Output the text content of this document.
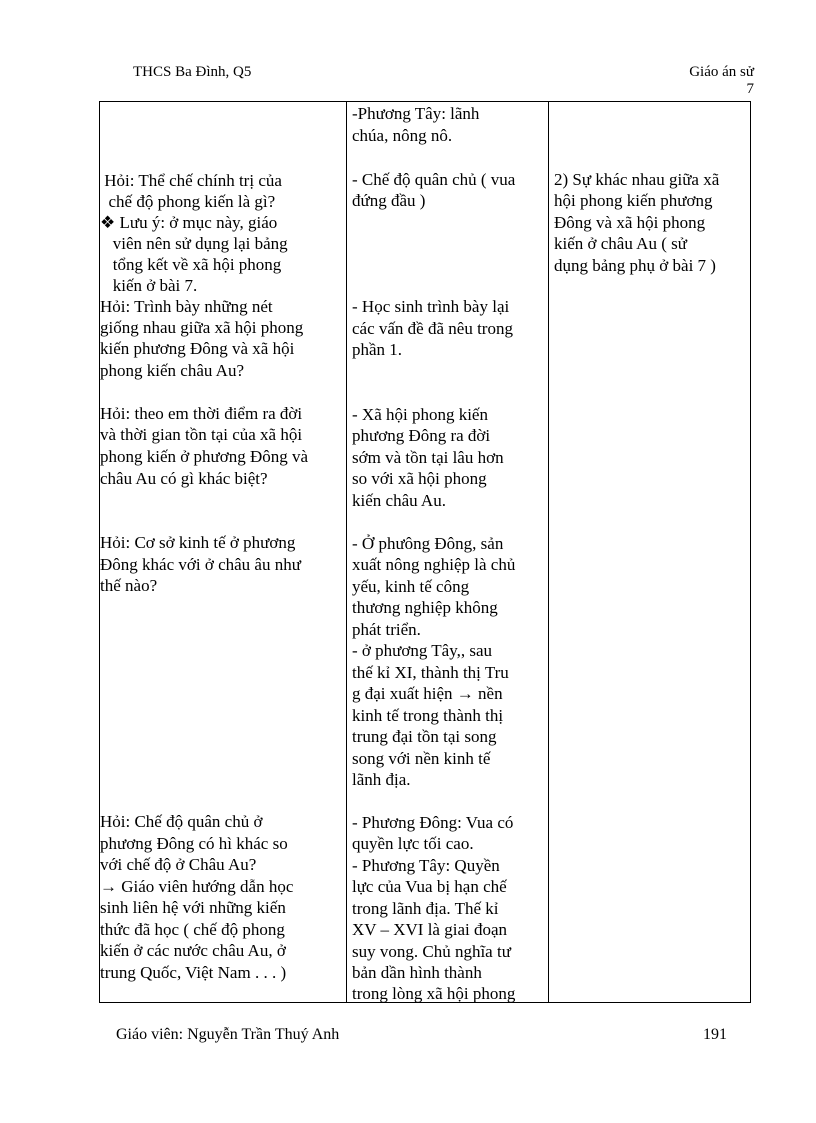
THCS Ba Đình, Q5	Giáo án sử
7
Hỏi: Thể chế chính trị của
chế độ phong kiến là gì?
❖ Lưu ý: ở mục này, giáo
viên nên sử dụng lại bảng
tổng kết về xã hội phong
kiến ở bài 7.
Hỏi: Trình bày những nét
giống nhau giữa xã hội phong
kiến phương Đông và xã hội
phong kiến châu Au?
Hỏi: theo em thời điểm ra đời
và thời gian tồn tại của xã hội
phong kiến ở phương Đông và
châu Au có gì khác biệt?
Hỏi: Cơ sở kinh tế ở phương
Đông khác với ở châu âu như
thế nào?
Hỏi: Chế độ quân chủ ở
phương Đông có hì khác so
với chế độ ở Châu Au?
→ Giáo viên hướng dẫn học
sinh liên hệ với những kiến
thức đã học ( chế độ phong
kiến ở các nước châu Au, ở
trung Quốc, Việt Nam . . . )
-Phương Tây: lãnh
chúa, nông nô.
- Chế độ quân chủ ( vua
đứng đầu )
- Học sinh trình bày lại
các vấn đề đã nêu trong
phần 1.
- Xã hội phong kiến
phương Đông ra đời
sớm và tồn tại lâu hơn
so với xã hội phong
kiến châu Au.
- Ở phưông Đông, sản
xuất nông nghiệp là chủ
yếu, kinh tế công
thương nghiệp không
phát triển.
- ở phương Tây,, sau
thế kỉ XI, thành thị Tru
g đại xuất hiện → nền
kinh tế trong thành thị
trung đại tồn tại song
song với nền kinh tế
lãnh địa.
- Phương Đông: Vua có
quyền lực tối cao.
- Phương Tây: Quyền
lực của Vua bị hạn chế
trong lãnh địa. Thế kỉ
XV – XVI là giai đoạn
suy vong. Chủ nghĩa tư
bản dần hình thành
trong lòng xã hội phong
2) Sự khác nhau giữa xã
hội phong kiến phương
Đông và xã hội phong
kiến ở châu Au ( sử
dụng bảng phụ ở bài 7 )
Giáo viên: Nguyễn Trần Thuý Anh	191
